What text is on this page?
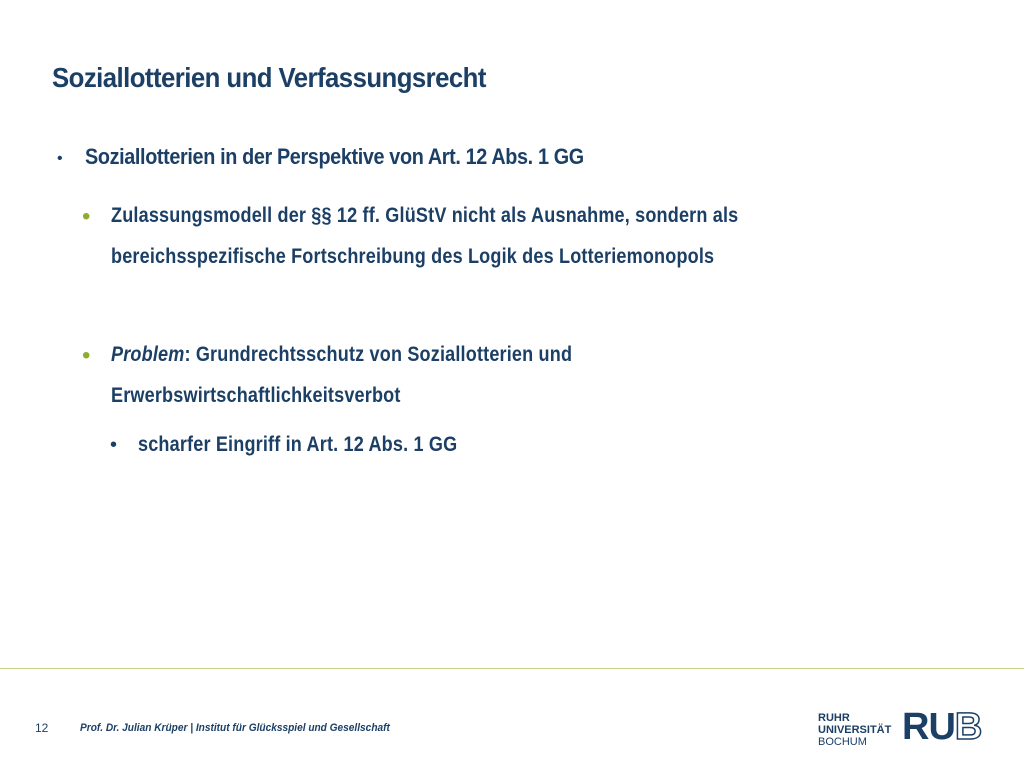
Soziallotterien und Verfassungsrecht
• Soziallotterien in der Perspektive von Art. 12 Abs. 1 GG
• Zulassungsmodell der §§ 12 ff. GlüStV nicht als Ausnahme, sondern als
bereichsspezifische Fortschreibung des Logik des Lotteriemonopols
• Problem: Grundrechtsschutz von Soziallotterien und
Erwerbswirtschaftlichkeitsverbot
• scharfer Eingriff in Art. 12 Abs. 1 GG
12	Prof. Dr. Julian Krüper | Institut für Glücksspiel und Gesellschaft
RUHR
UNIVERSITÄT
BOCHUM RUB
